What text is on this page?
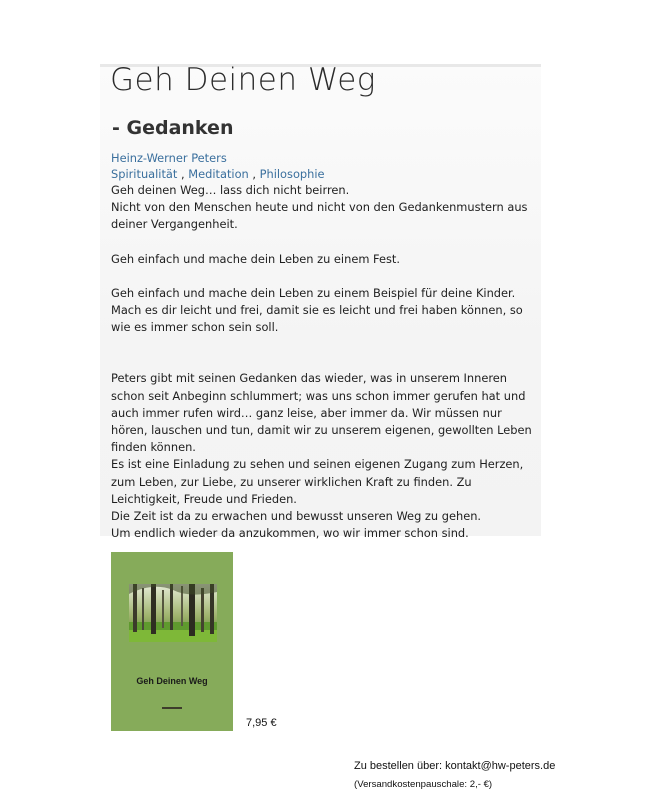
Geh Deinen Weg
- Gedanken
Heinz-Werner Peters
Spiritualität , Meditation , Philosophie

Geh deinen Weg… lass dich nicht beirren.

Nicht von den Menschen heute und nicht von den Gedankenmustern aus deiner Vergangenheit.

Geh einfach und mache dein Leben zu einem Fest.

Geh einfach und mache dein Leben zu einem Beispiel für deine Kinder. Mach es dir leicht und frei, damit sie es leicht und frei haben können, so wie es immer schon sein soll.

Peters gibt mit seinen Gedanken das wieder, was in unserem Inneren schon seit Anbeginn schlummert; was uns schon immer gerufen hat und auch immer rufen wird… ganz leise, aber immer da. Wir müssen nur hören, lauschen und tun, damit wir zu unserem eigenen, gewollten Leben finden können.

Es ist eine Einladung zu sehen und seinen eigenen Zugang zum Herzen, zum Leben, zur Liebe, zu unserer wirklichen Kraft zu finden. Zu Leichtigkeit, Freude und Frieden.

Die Zeit ist da zu erwachen und bewusst unseren Weg zu gehen.

Um endlich wieder da anzukommen, wo wir immer schon sind.

Geh Deinen Weg
7,95 €
Zu bestellen über: kontakt@hw-peters.de
(Versandkostenpauschale: 2,- €)
